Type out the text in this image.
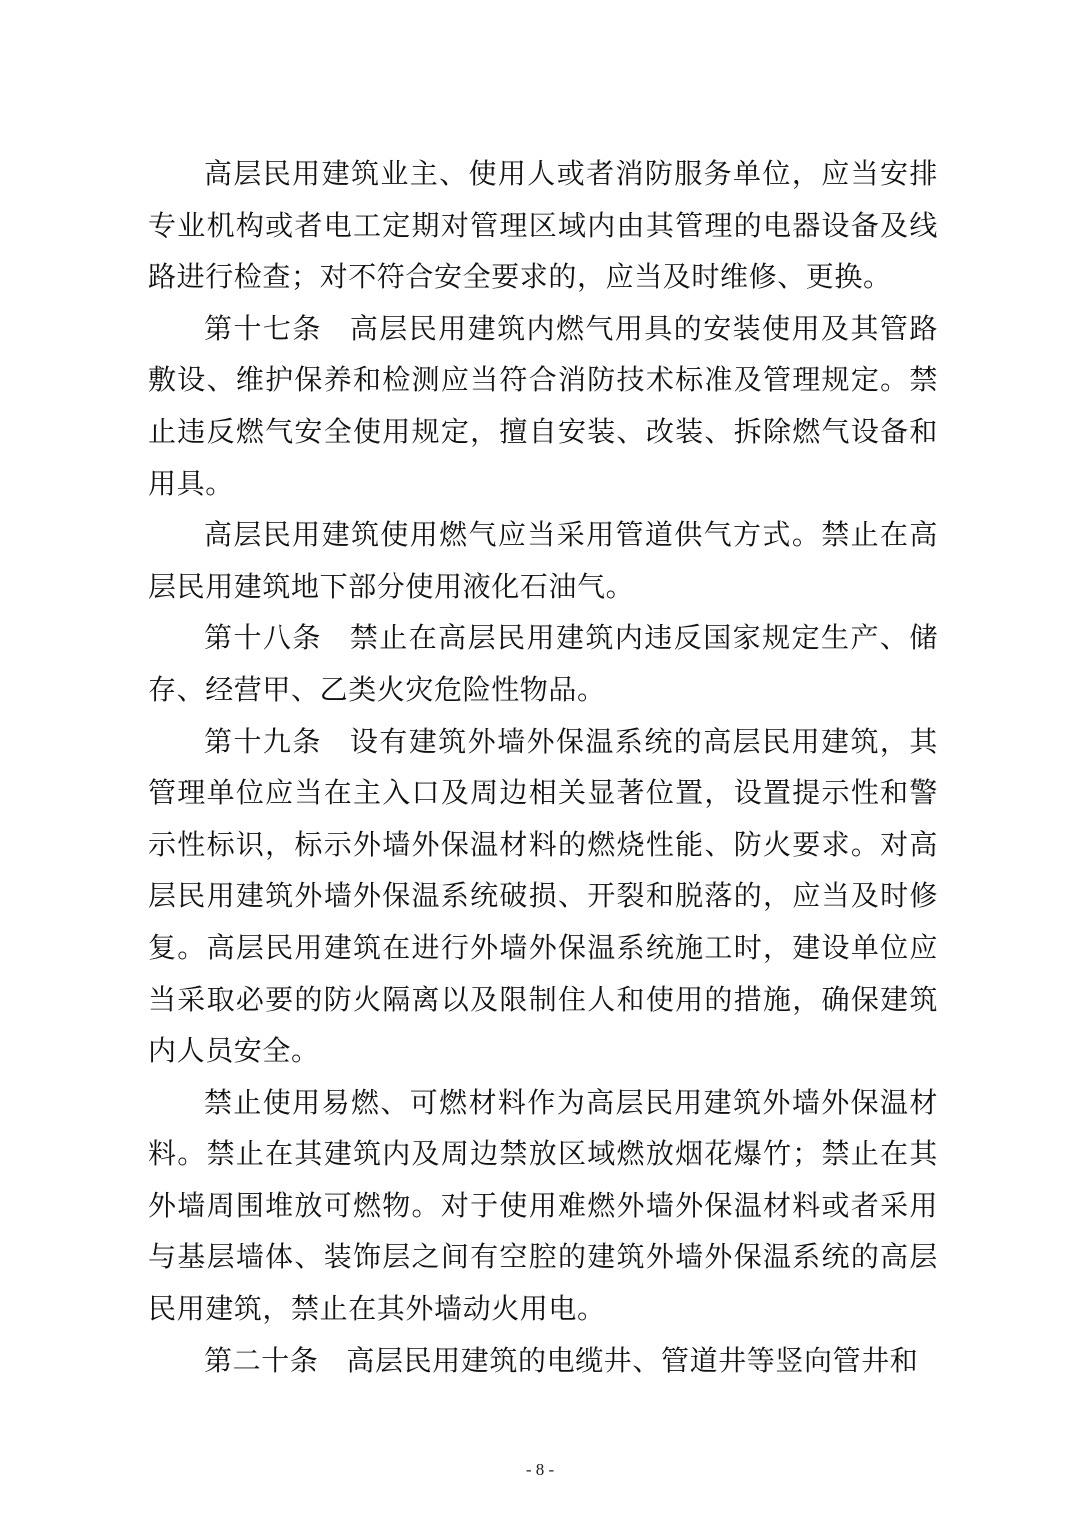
高层民用建筑业主、使用人或者消防服务单位，应当安排专业机构或者电工定期对管理区域内由其管理的电器设备及线路进行检查；对不符合安全要求的，应当及时维修、更换。

第十七条 高层民用建筑内燃气用具的安装使用及其管路敷设、维护保养和检测应当符合消防技术标准及管理规定。禁止违反燃气安全使用规定，擅自安装、改装、拆除燃气设备和用具。

高层民用建筑使用燃气应当采用管道供气方式。禁止在高层民用建筑地下部分使用液化石油气。

第十八条 禁止在高层民用建筑内违反国家规定生产、储存、经营甲、乙类火灾危险性物品。

第十九条 设有建筑外墙外保温系统的高层民用建筑，其管理单位应当在主入口及周边相关显著位置，设置提示性和警示性标识，标示外墙外保温材料的燃烧性能、防火要求。对高层民用建筑外墙外保温系统破损、开裂和脱落的，应当及时修复。高层民用建筑在进行外墙外保温系统施工时，建设单位应当采取必要的防火隔离以及限制住人和使用的措施，确保建筑内人员安全。

禁止使用易燃、可燃材料作为高层民用建筑外墙外保温材料。禁止在其建筑内及周边禁放区域燃放烟花爆竹；禁止在其外墙周围堆放可燃物。对于使用难燃外墙外保温材料或者采用与基层墙体、装饰层之间有空腔的建筑外墙外保温系统的高层民用建筑，禁止在其外墙动火用电。

第二十条 高层民用建筑的电缆井、管道井等竖向管井和

- 8 -
